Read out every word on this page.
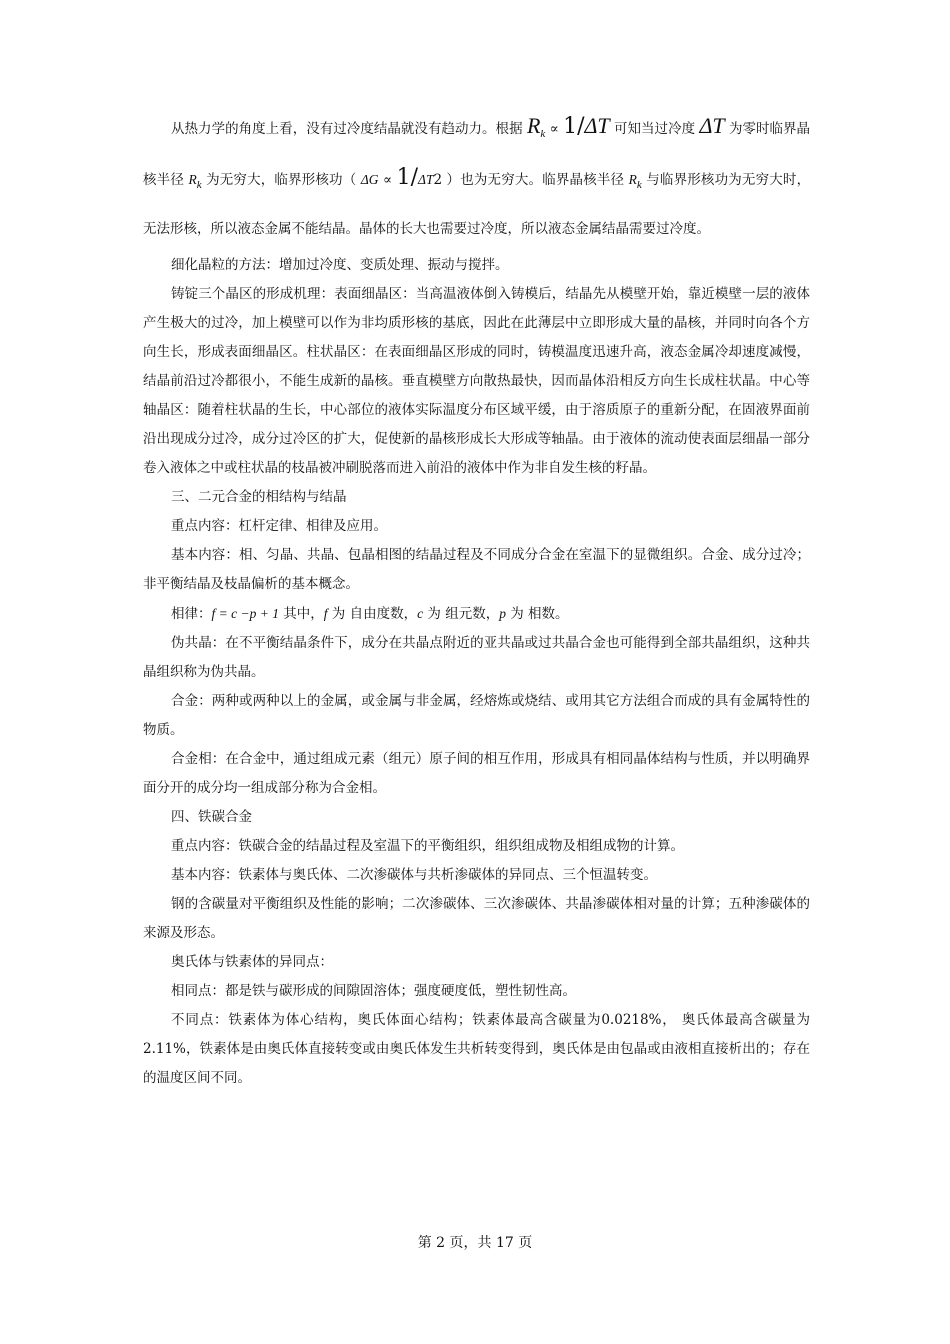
从热力学的角度上看，没有过冷度结晶就没有趋动力。根据 $R_k \propto 1/\Delta T$ 可知当过冷度 ΔT 为零时临界晶核半径 $R_k$ 为无穷大，临界形核功（ ΔG ∝ 1/ΔT2 ）也为无穷大。临界晶核半径 $R_k$ 与临界形核功为无穷大时，无法形核，所以液态金属不能结晶。晶体的长大也需要过冷度，所以液态金属结晶需要过冷度。

细化晶粒的方法：增加过冷度、变质处理、振动与搅拌。

铸锭三个晶区的形成机理：表面细晶区：当高温液体倒入铸模后，结晶先从模壁开始，靠近模壁一层的液体产生极大的过冷，加上模壁可以作为非均质形核的基底，因此在此薄层中立即形成大量的晶核，并同时向各个方向生长，形成表面细晶区。柱状晶区：在表面细晶区形成的同时，铸模温度迅速升高，液态金属冷却速度减慢，结晶前沿过冷都很小，不能生成新的晶核。垂直模壁方向散热最快，因而晶体沿相反方向生长成柱状晶。中心等轴晶区：随着柱状晶的生长，中心部位的液体实际温度分布区域平缓，由于溶质原子的重新分配，在固液界面前沿出现成分过冷，成分过冷区的扩大，促使新的晶核形成长大形成等轴晶。由于液体的流动使表面层细晶一部分卷入液体之中或柱状晶的枝晶被冲刷脱落而进入前沿的液体中作为非自发生核的籽晶。

三、二元合金的相结构与结晶

重点内容：杠杆定律、相律及应用。

基本内容：相、匀晶、共晶、包晶相图的结晶过程及不同成分合金在室温下的显微组织。合金、成分过冷；非平衡结晶及枝晶偏析的基本概念。

相律：f = c −p + 1 其中，f 为 自由度数，c 为 组元数，p 为 相数。

伪共晶：在不平衡结晶条件下，成分在共晶点附近的亚共晶或过共晶合金也可能得到全部共晶组织，这种共晶组织称为伪共晶。

合金：两种或两种以上的金属，或金属与非金属，经熔炼或烧结、或用其它方法组合而成的具有金属特性的物质。

合金相：在合金中，通过组成元素（组元）原子间的相互作用，形成具有相同晶体结构与性质，并以明确界面分开的成分均一组成部分称为合金相。

四、铁碳合金

重点内容：铁碳合金的结晶过程及室温下的平衡组织，组织组成物及相组成物的计算。

基本内容：铁素体与奥氏体、二次渗碳体与共析渗碳体的异同点、三个恒温转变。

钢的含碳量对平衡组织及性能的影响；二次渗碳体、三次渗碳体、共晶渗碳体相对量的计算；五种渗碳体的来源及形态。

奥氏体与铁素体的异同点：

相同点：都是铁与碳形成的间隙固溶体；强度硬度低，塑性韧性高。

不同点：铁素体为体心结构，奥氏体面心结构；铁素体最高含碳量为0.0218%， 奥氏体最高含碳量为2.11%，铁素体是由奥氏体直接转变或由奥氏体发生共析转变得到，奥氏体是由包晶或由液相直接析出的；存在的温度区间不同。

第 2 页，共 17 页
